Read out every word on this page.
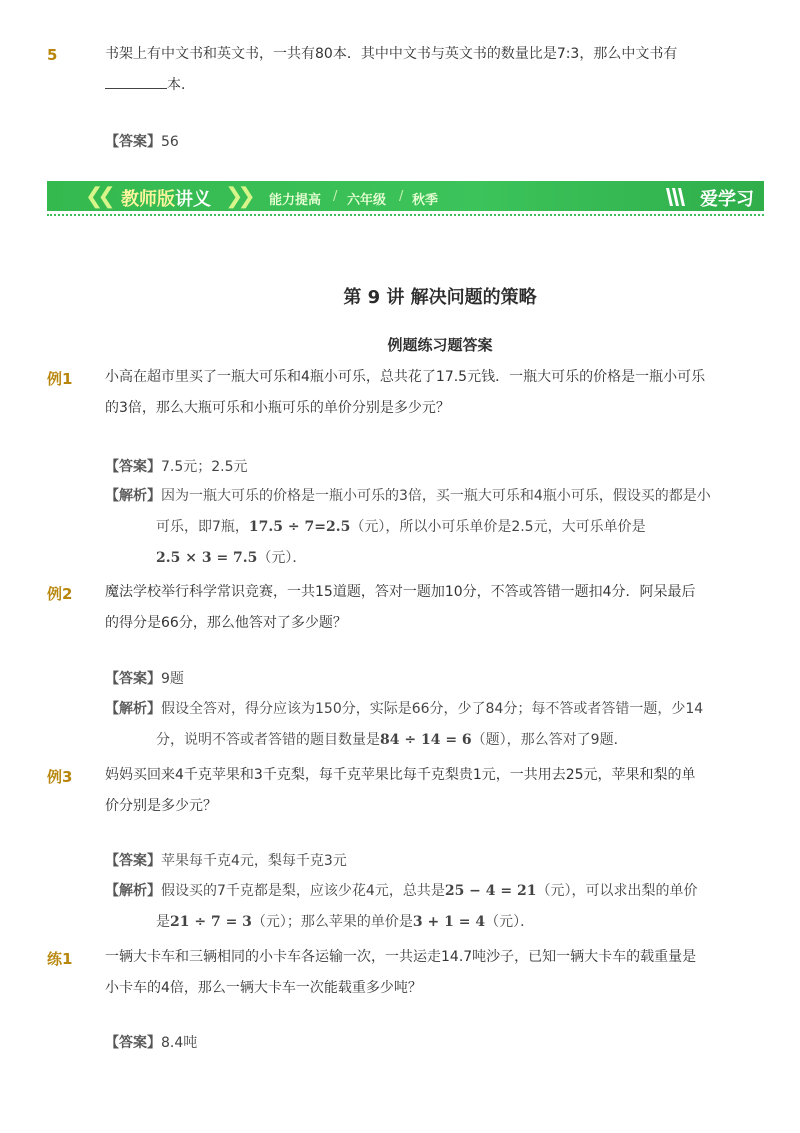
5	书架上有中文书和英文书，一共有80本．其中中文书与英文书的数量比是7:3，那么中文书有
本．
【答案】56
❮❮ 教师版讲义 ❯❯ 能力提高 / 六年级 / 秋季	爱学习
第 9 讲 解决问题的策略
例题练习题答案
例1 小高在超市里买了一瓶大可乐和4瓶小可乐，总共花了17.5元钱．一瓶大可乐的价格是一瓶小可乐
的3倍，那么大瓶可乐和小瓶可乐的单价分别是多少元？
【答案】7.5元；2.5元
【解析】因为一瓶大可乐的价格是一瓶小可乐的3倍，买一瓶大可乐和4瓶小可乐，假设买的都是小
可乐，即7瓶，17.5 ÷ 7=2.5（元），所以小可乐单价是2.5元，大可乐单价是
2.5 × 3 = 7.5（元）．
例2 魔法学校举行科学常识竞赛，一共15道题，答对一题加10分，不答或答错一题扣4分．阿呆最后
的得分是66分，那么他答对了多少题？
【答案】9题
【解析】假设全答对，得分应该为150分，实际是66分，少了84分；每不答或者答错一题，少14
分，说明不答或者答错的题目数量是84 ÷ 14 = 6（题），那么答对了9题．
例3 妈妈买回来4千克苹果和3千克梨，每千克苹果比每千克梨贵1元，一共用去25元，苹果和梨的单
价分别是多少元？
【答案】苹果每千克4元，梨每千克3元
【解析】假设买的7千克都是梨，应该少花4元，总共是25 − 4 = 21（元），可以求出梨的单价
是21 ÷ 7 = 3（元）；那么苹果的单价是3 + 1 = 4（元）．
练1 一辆大卡车和三辆相同的小卡车各运输一次，一共运走14.7吨沙子，已知一辆大卡车的载重量是
小卡车的4倍，那么一辆大卡车一次能载重多少吨？
【答案】8.4吨
